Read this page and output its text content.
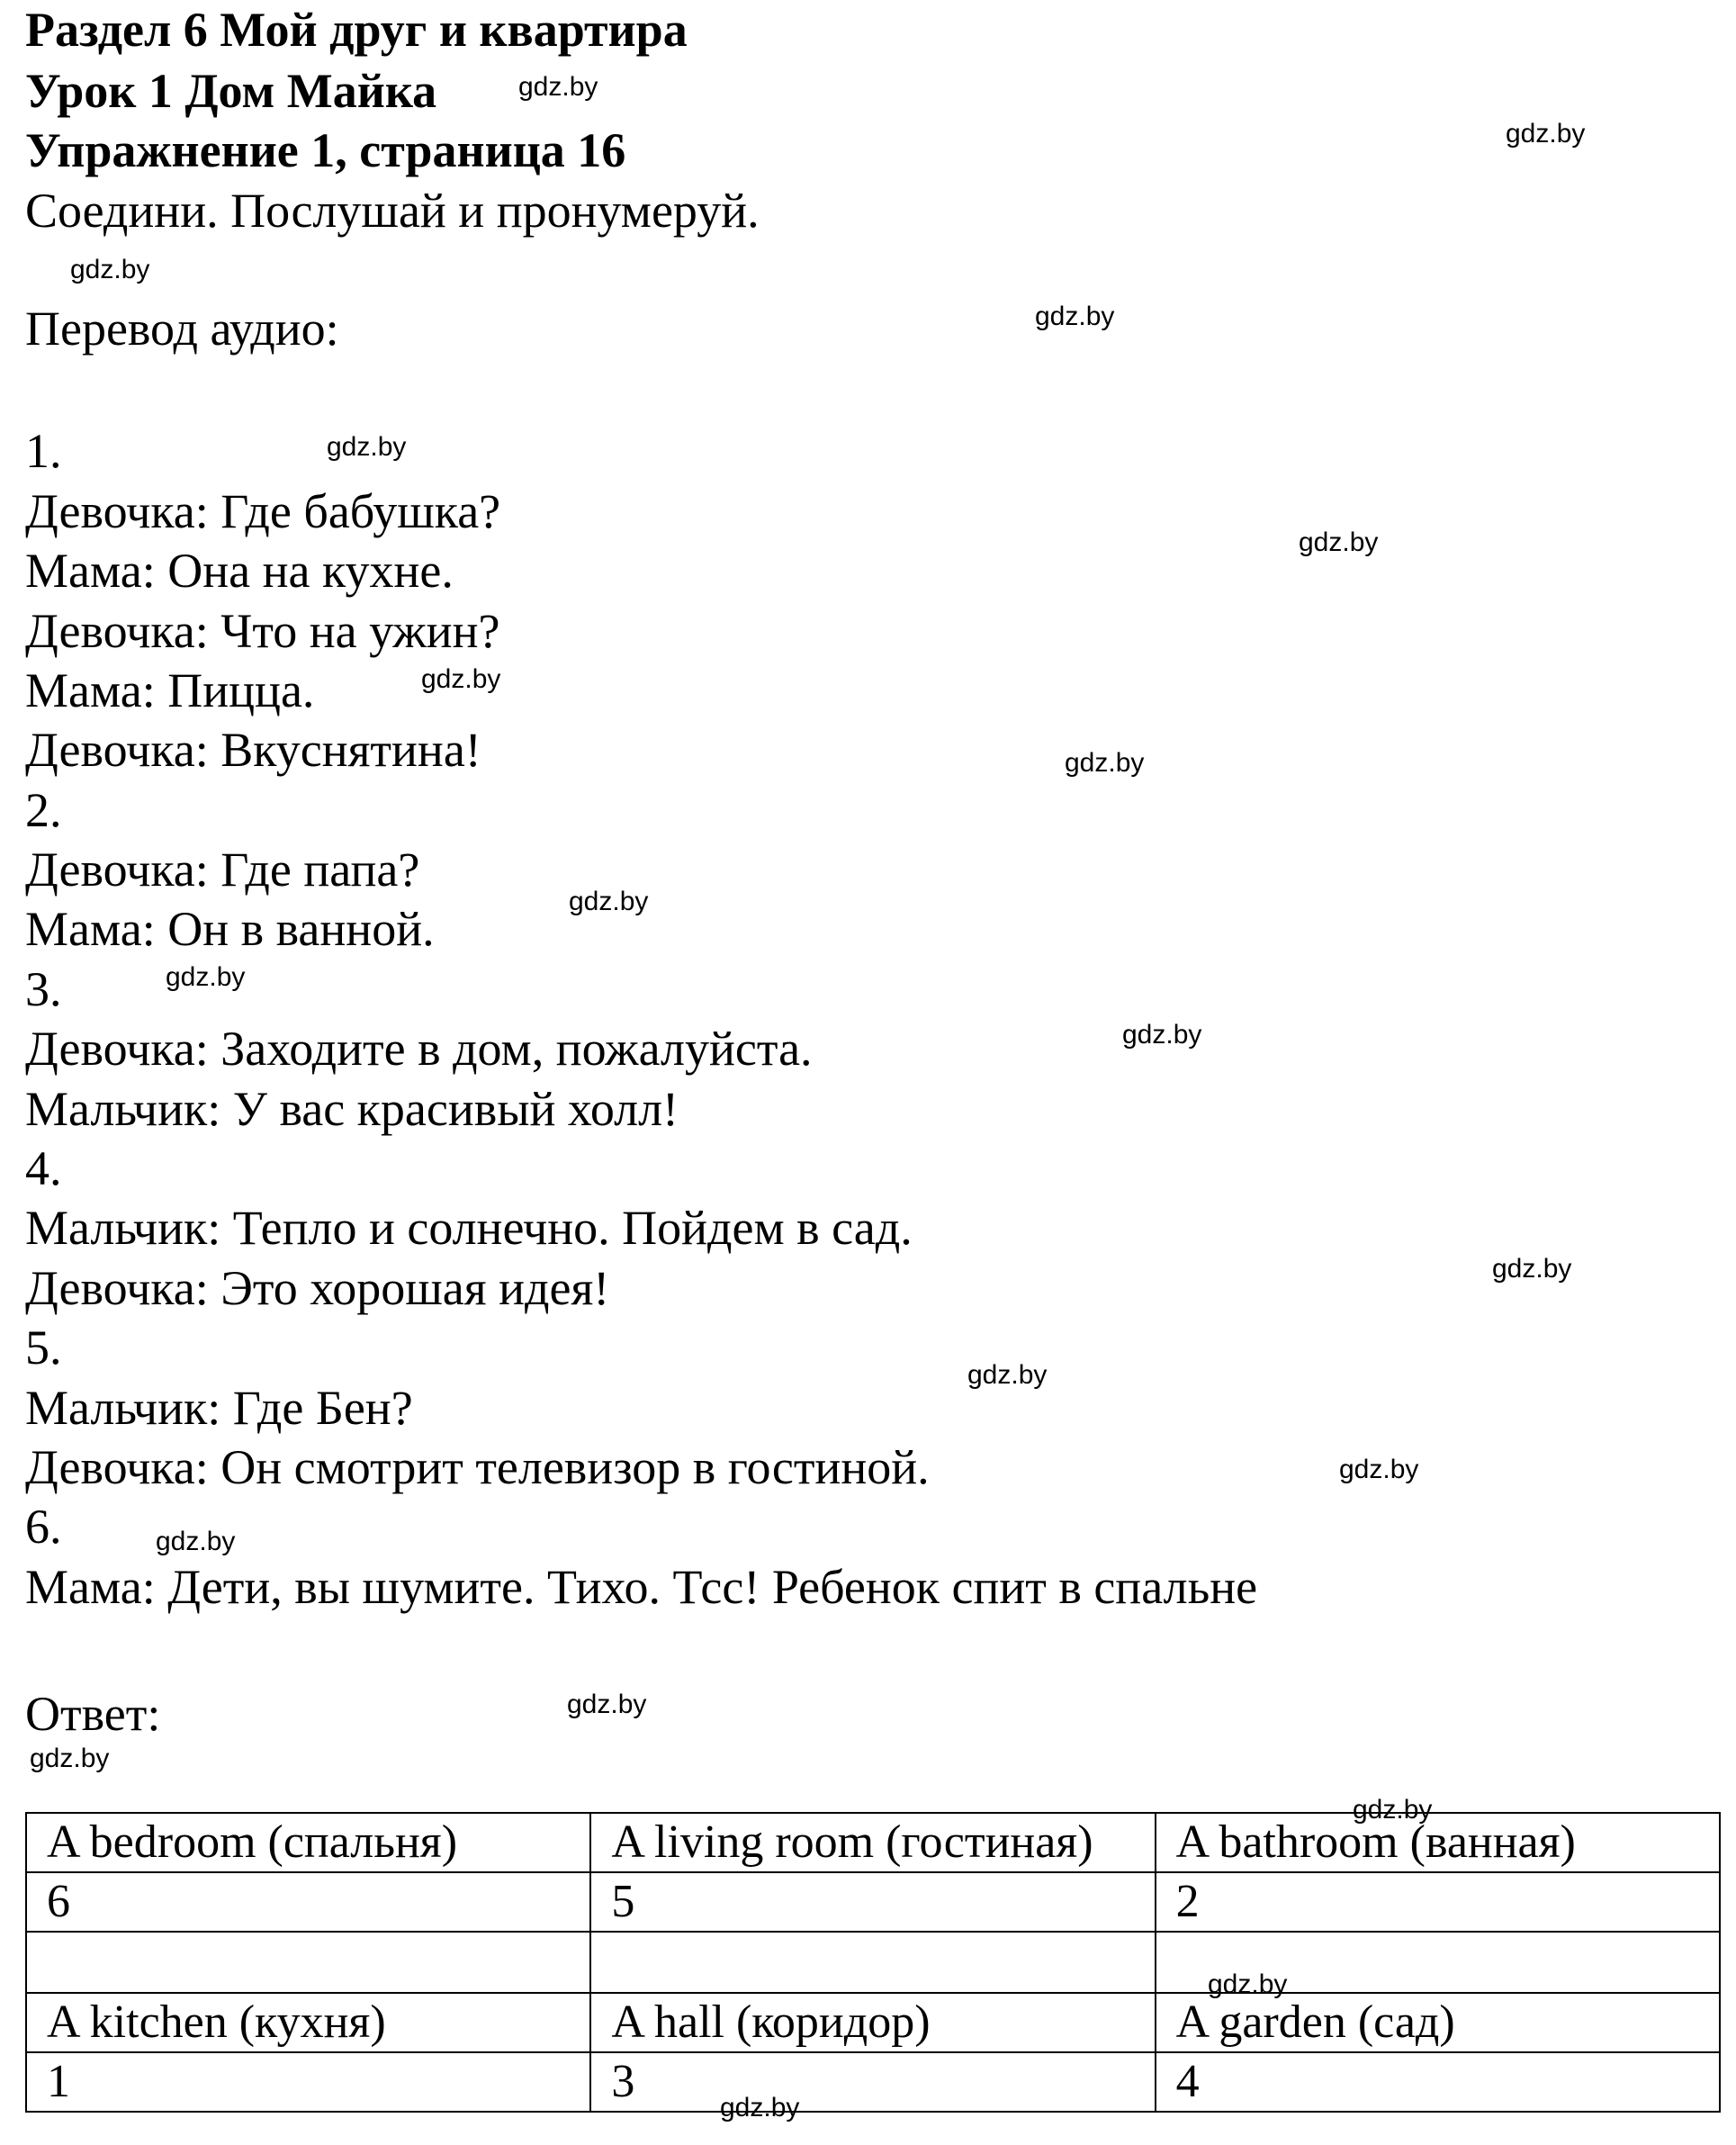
Раздел 6 Мой друг и квартира
Урок 1 Дом Майка
Упражнение 1, страница 16
Соедини. Послушай и пронумеруй.
Перевод аудио:
1.
Девочка: Где бабушка?
Мама: Она на кухне.
Девочка: Что на ужин?
Мама: Пицца.
Девочка: Вкуснятина!
2.
Девочка: Где папа?
Мама: Он в ванной.
3.
Девочка: Заходите в дом, пожалуйста.
Мальчик: У вас красивый холл!
4.
Мальчик: Тепло и солнечно. Пойдем в сад.
Девочка: Это хорошая идея!
5.
Мальчик: Где Бен?
Девочка: Он смотрит телевизор в гостиной.
6.
Мама: Дети, вы шумите. Тихо. Тсс! Ребенок спит в спальне
Ответ:
A bedroom (спальня)	A living room (гостиная)	A bathroom (ванная)
6	5	2

A kitchen (кухня)	A hall (коридор)	A garden (сад)
1	3	4
gdz.by
gdz.by
gdz.by
gdz.by
gdz.by
gdz.by
gdz.by
gdz.by
gdz.by
gdz.by
gdz.by
gdz.by
gdz.by
gdz.by
gdz.by
gdz.by
gdz.by
gdz.by
gdz.by
gdz.by
